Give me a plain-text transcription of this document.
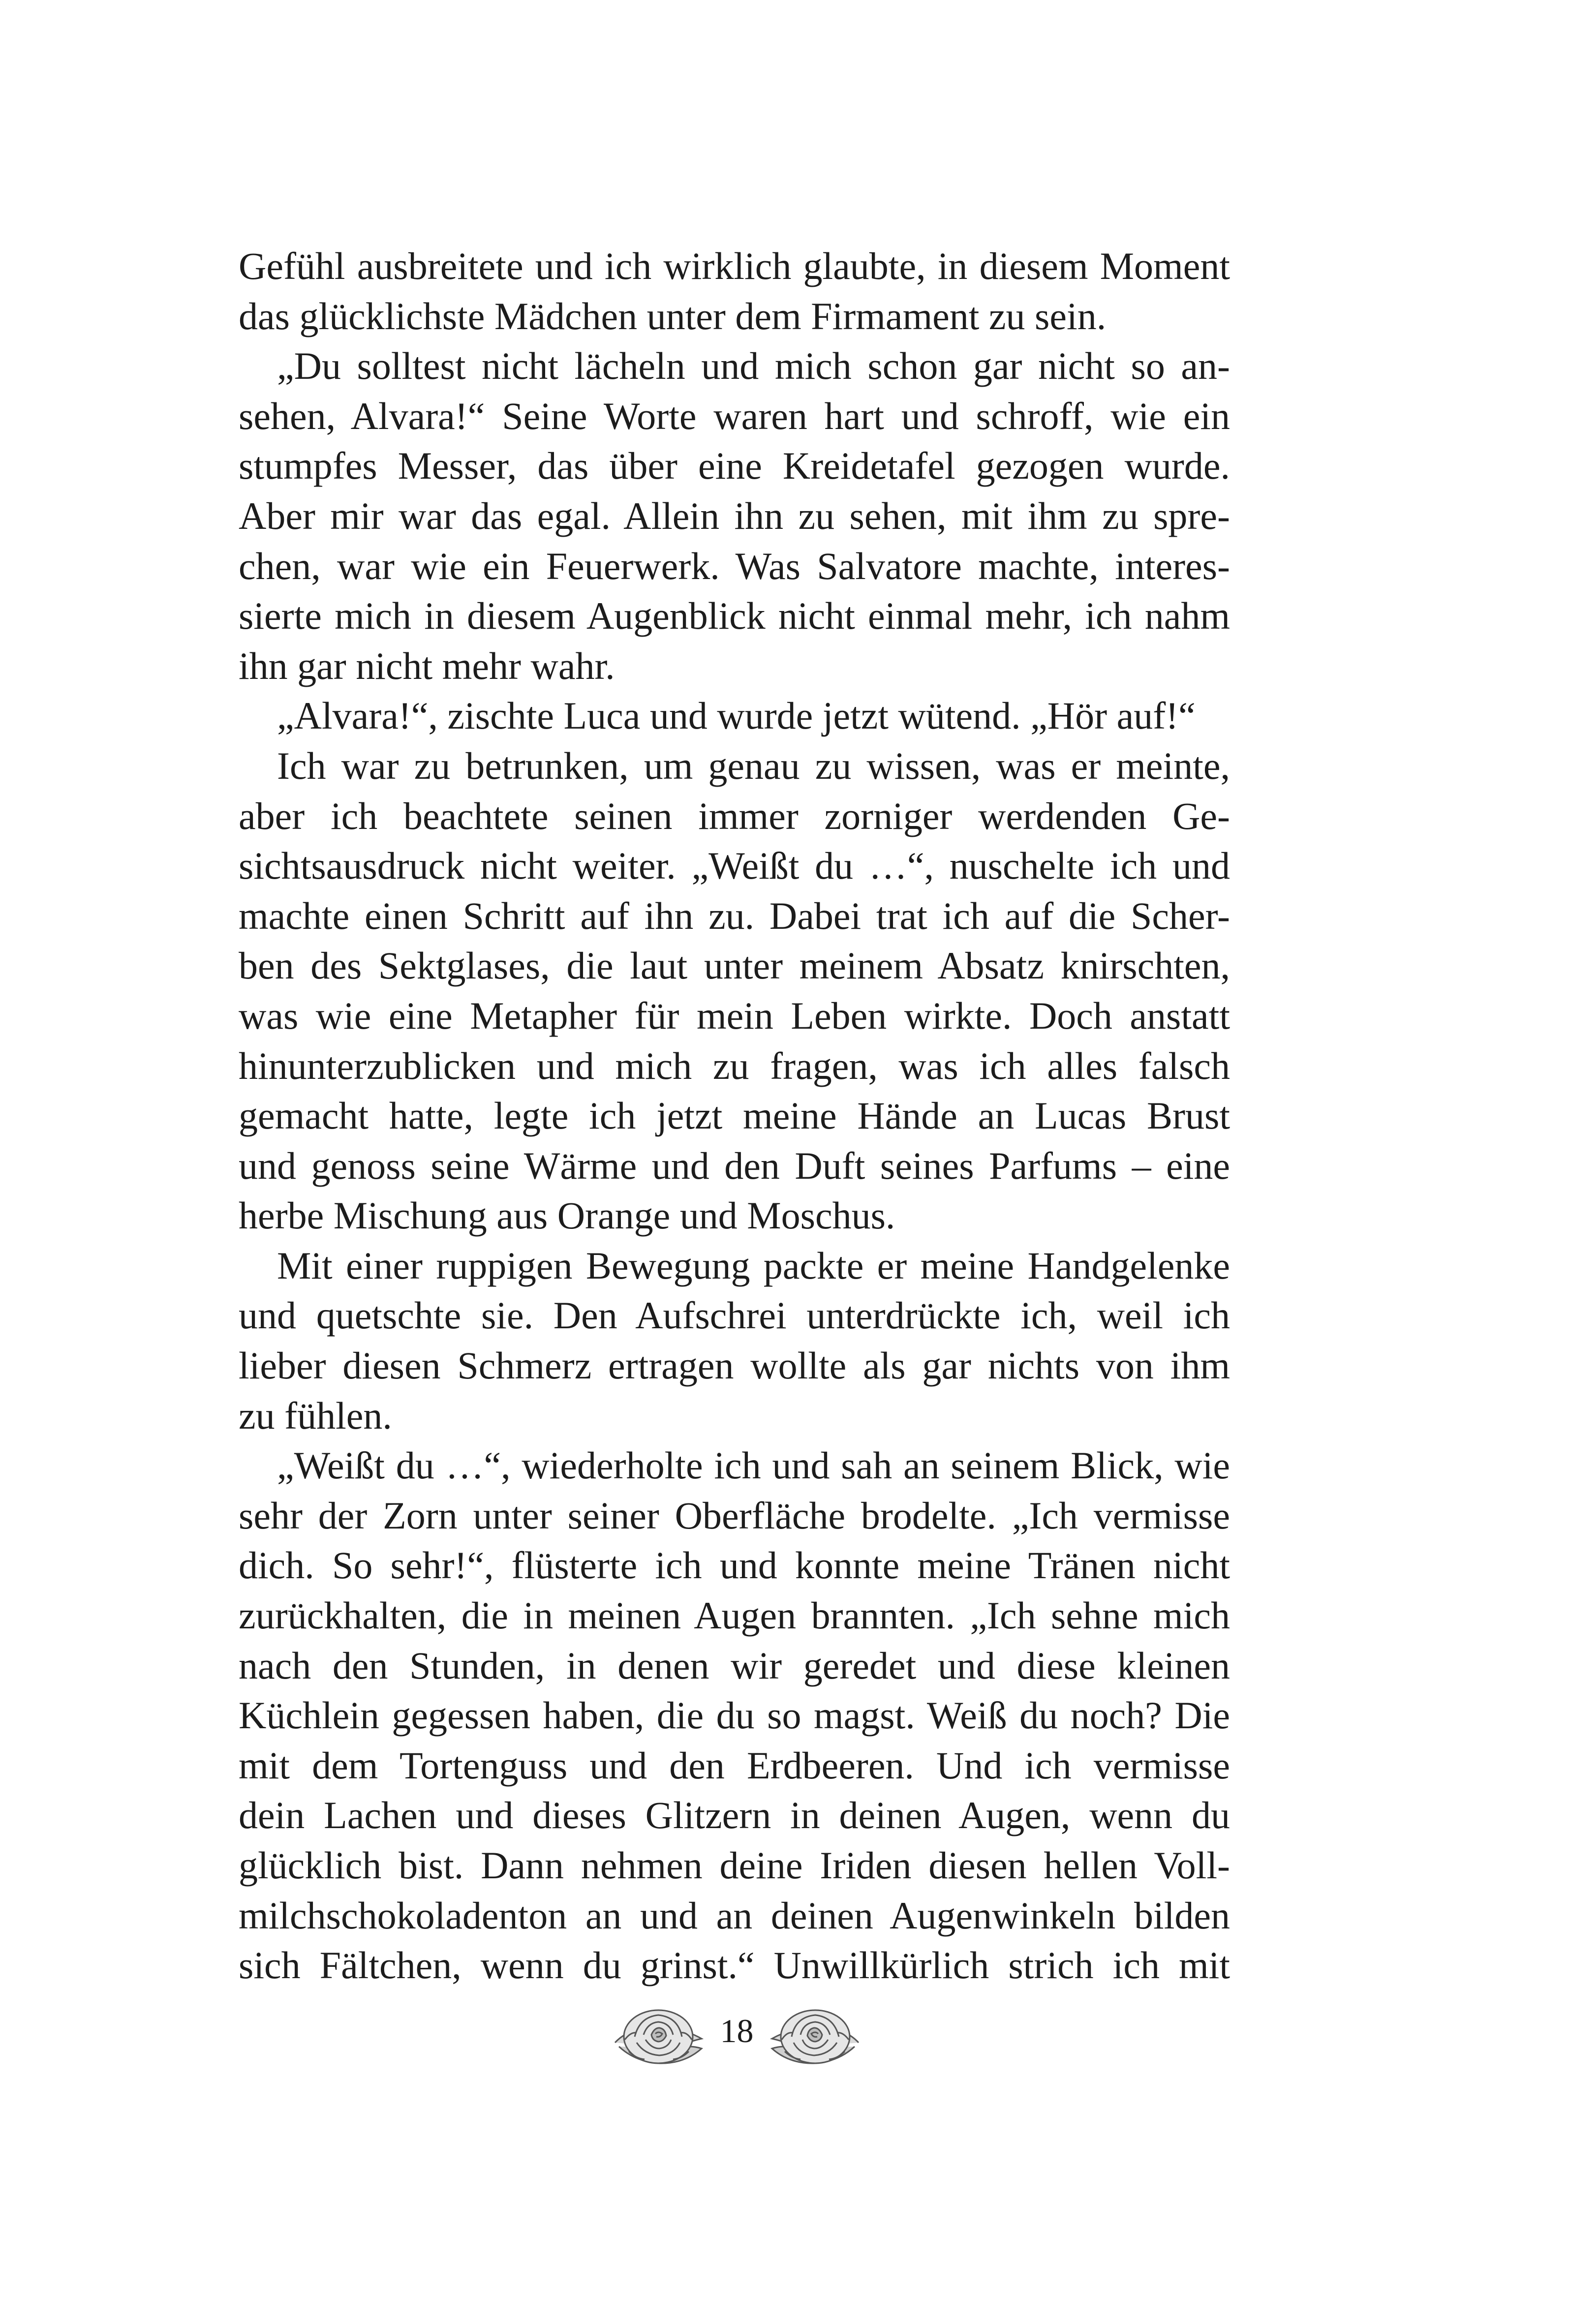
Gefühl ausbreitete und ich wirklich glaubte, in diesem Moment
das glücklichste Mädchen unter dem Firmament zu sein.
„Du solltest nicht lächeln und mich schon gar nicht so an-
sehen, Alvara!“ Seine Worte waren hart und schroff, wie ein
stumpfes Messer, das über eine Kreidetafel gezogen wurde.
Aber mir war das egal. Allein ihn zu sehen, mit ihm zu spre-
chen, war wie ein Feuerwerk. Was Salvatore machte, interes-
sierte mich in diesem Augenblick nicht einmal mehr, ich nahm
ihn gar nicht mehr wahr.
„Alvara!“, zischte Luca und wurde jetzt wütend. „Hör auf!“
Ich war zu betrunken, um genau zu wissen, was er meinte,
aber ich beachtete seinen immer zorniger werdenden Ge-
sichtsausdruck nicht weiter. „Weißt du …“, nuschelte ich und
machte einen Schritt auf ihn zu. Dabei trat ich auf die Scher-
ben des Sektglases, die laut unter meinem Absatz knirschten,
was wie eine Metapher für mein Leben wirkte. Doch anstatt
hinunterzublicken und mich zu fragen, was ich alles falsch
gemacht hatte, legte ich jetzt meine Hände an Lucas Brust
und genoss seine Wärme und den Duft seines Parfums – eine
herbe Mischung aus Orange und Moschus.
Mit einer ruppigen Bewegung packte er meine Handgelenke
und quetschte sie. Den Aufschrei unterdrückte ich, weil ich
lieber diesen Schmerz ertragen wollte als gar nichts von ihm
zu fühlen.
„Weißt du …“, wiederholte ich und sah an seinem Blick, wie
sehr der Zorn unter seiner Oberfläche brodelte. „Ich vermisse
dich. So sehr!“, flüsterte ich und konnte meine Tränen nicht
zurückhalten, die in meinen Augen brannten. „Ich sehne mich
nach den Stunden, in denen wir geredet und diese kleinen
Küchlein gegessen haben, die du so magst. Weiß du noch? Die
mit dem Tortenguss und den Erdbeeren. Und ich vermisse
dein Lachen und dieses Glitzern in deinen Augen, wenn du
glücklich bist. Dann nehmen deine Iriden diesen hellen Voll-
milchschokoladenton an und an deinen Augenwinkeln bilden
sich Fältchen, wenn du grinst.“ Unwillkürlich strich ich mit
18
